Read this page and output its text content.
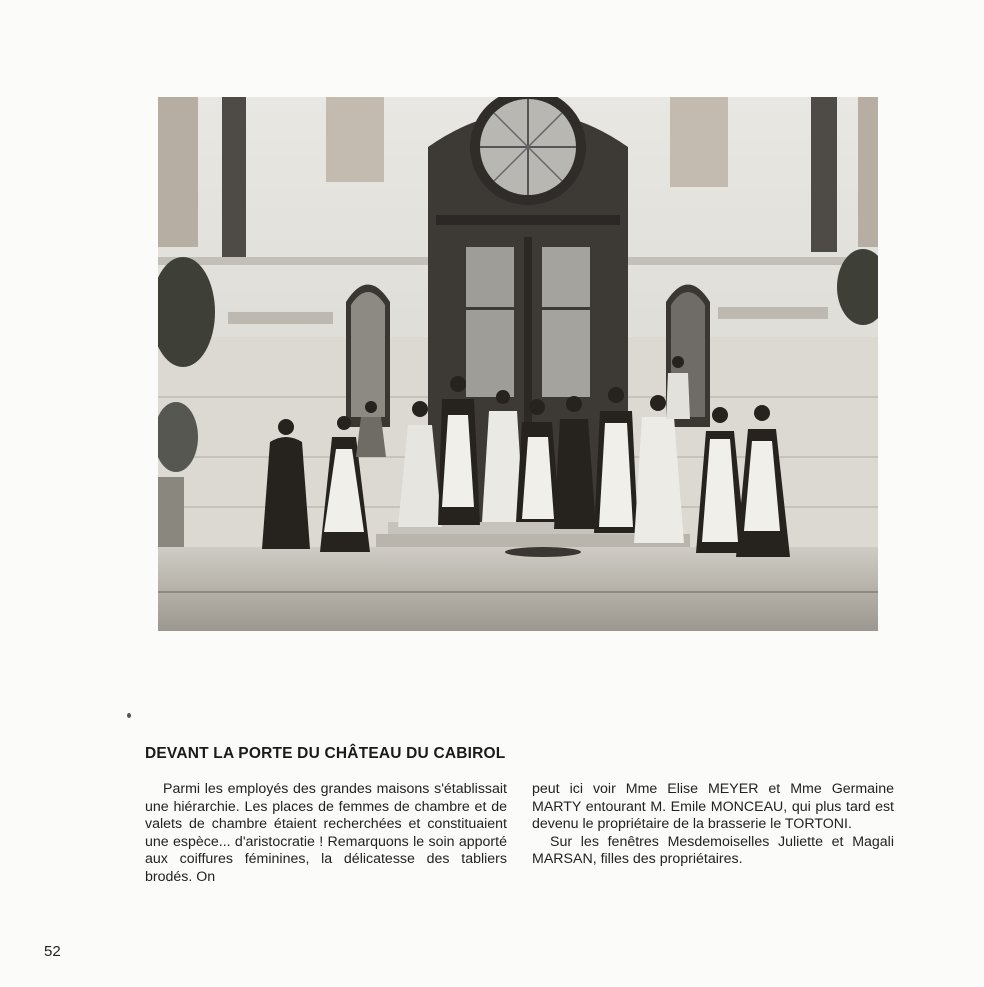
DEVANT LA PORTE DU CHÂTEAU DU CABIROL

Parmi les employés des grandes maisons s'établissait une hiérarchie. Les places de femmes de chambre et de valets de chambre étaient recherchées et constituaient une espèce... d'aristocratie ! Remarquons le soin apporté aux coiffures féminines, la délicatesse des tabliers brodés. On

peut ici voir Mme Elise MEYER et Mme Germaine MARTY entourant M. Emile MONCEAU, qui plus tard est devenu le propriétaire de la brasserie le TORTONI.

Sur les fenêtres Mesdemoiselles Juliette et Magali MARSAN, filles des propriétaires.

52
